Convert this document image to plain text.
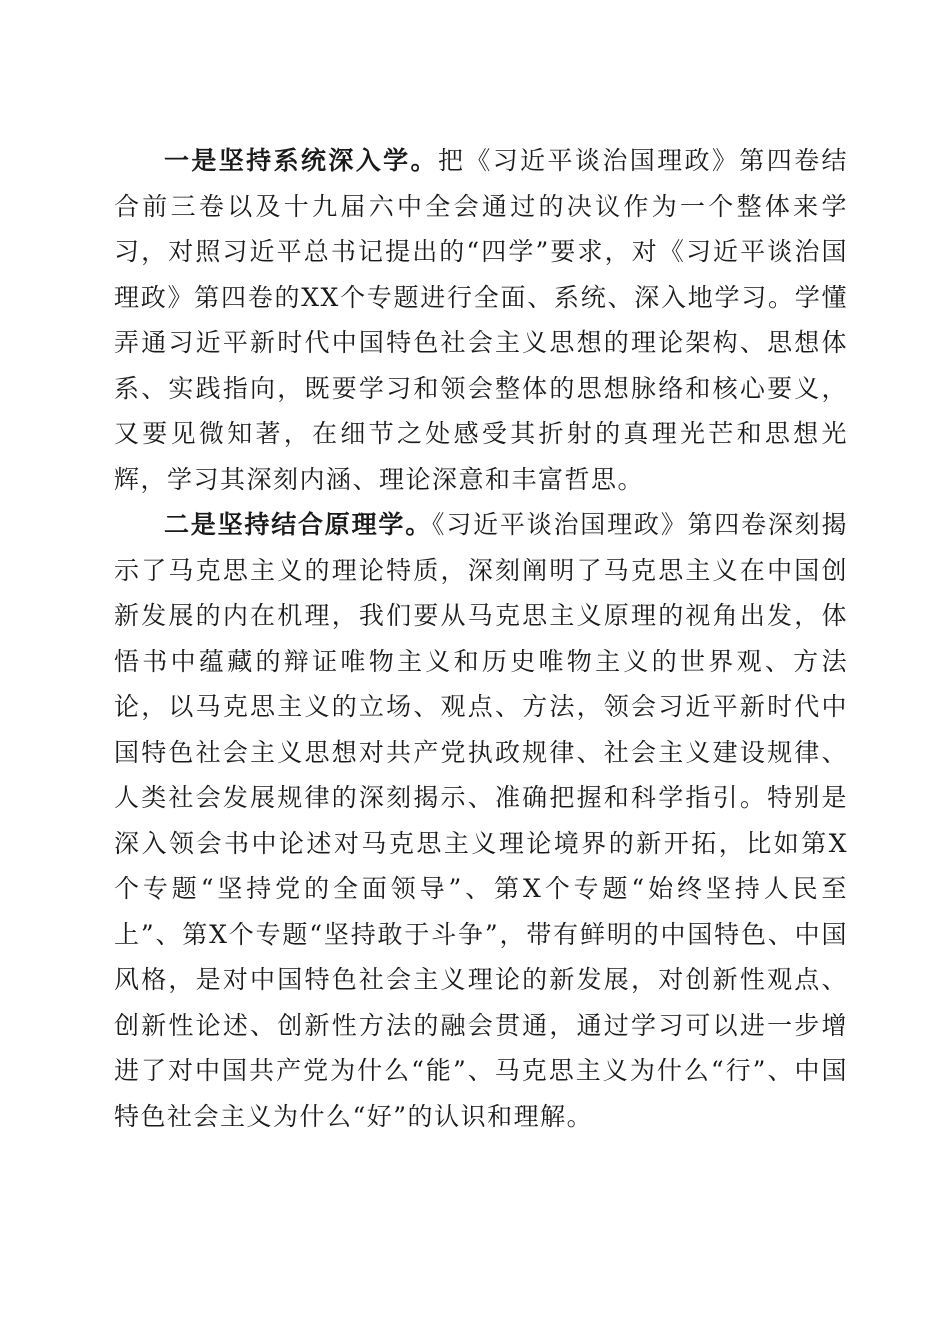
一是坚持系统深入学。把《习近平谈治国理政》第四卷结合前三卷以及十九届六中全会通过的决议作为一个整体来学习，对照习近平总书记提出的“四学”要求，对《习近平谈治国理政》第四卷的XX个专题进行全面、系统、深入地学习。学懂弄通习近平新时代中国特色社会主义思想的理论架构、思想体系、实践指向，既要学习和领会整体的思想脉络和核心要义，又要见微知著，在细节之处感受其折射的真理光芒和思想光辉，学习其深刻内涵、理论深意和丰富哲思。

二是坚持结合原理学。《习近平谈治国理政》第四卷深刻揭示了马克思主义的理论特质，深刻阐明了马克思主义在中国创新发展的内在机理，我们要从马克思主义原理的视角出发，体悟书中蕴藏的辩证唯物主义和历史唯物主义的世界观、方法论，以马克思主义的立场、观点、方法，领会习近平新时代中国特色社会主义思想对共产党执政规律、社会主义建设规律、人类社会发展规律的深刻揭示、准确把握和科学指引。特别是深入领会书中论述对马克思主义理论境界的新开拓，比如第X个专题“坚持党的全面领导”、第X个专题“始终坚持人民至上”、第X个专题“坚持敢于斗争”，带有鲜明的中国特色、中国风格，是对中国特色社会主义理论的新发展，对创新性观点、创新性论述、创新性方法的融会贯通，通过学习可以进一步增进了对中国共产党为什么“能”、马克思主义为什么“行”、中国特色社会主义为什么“好”的认识和理解。
